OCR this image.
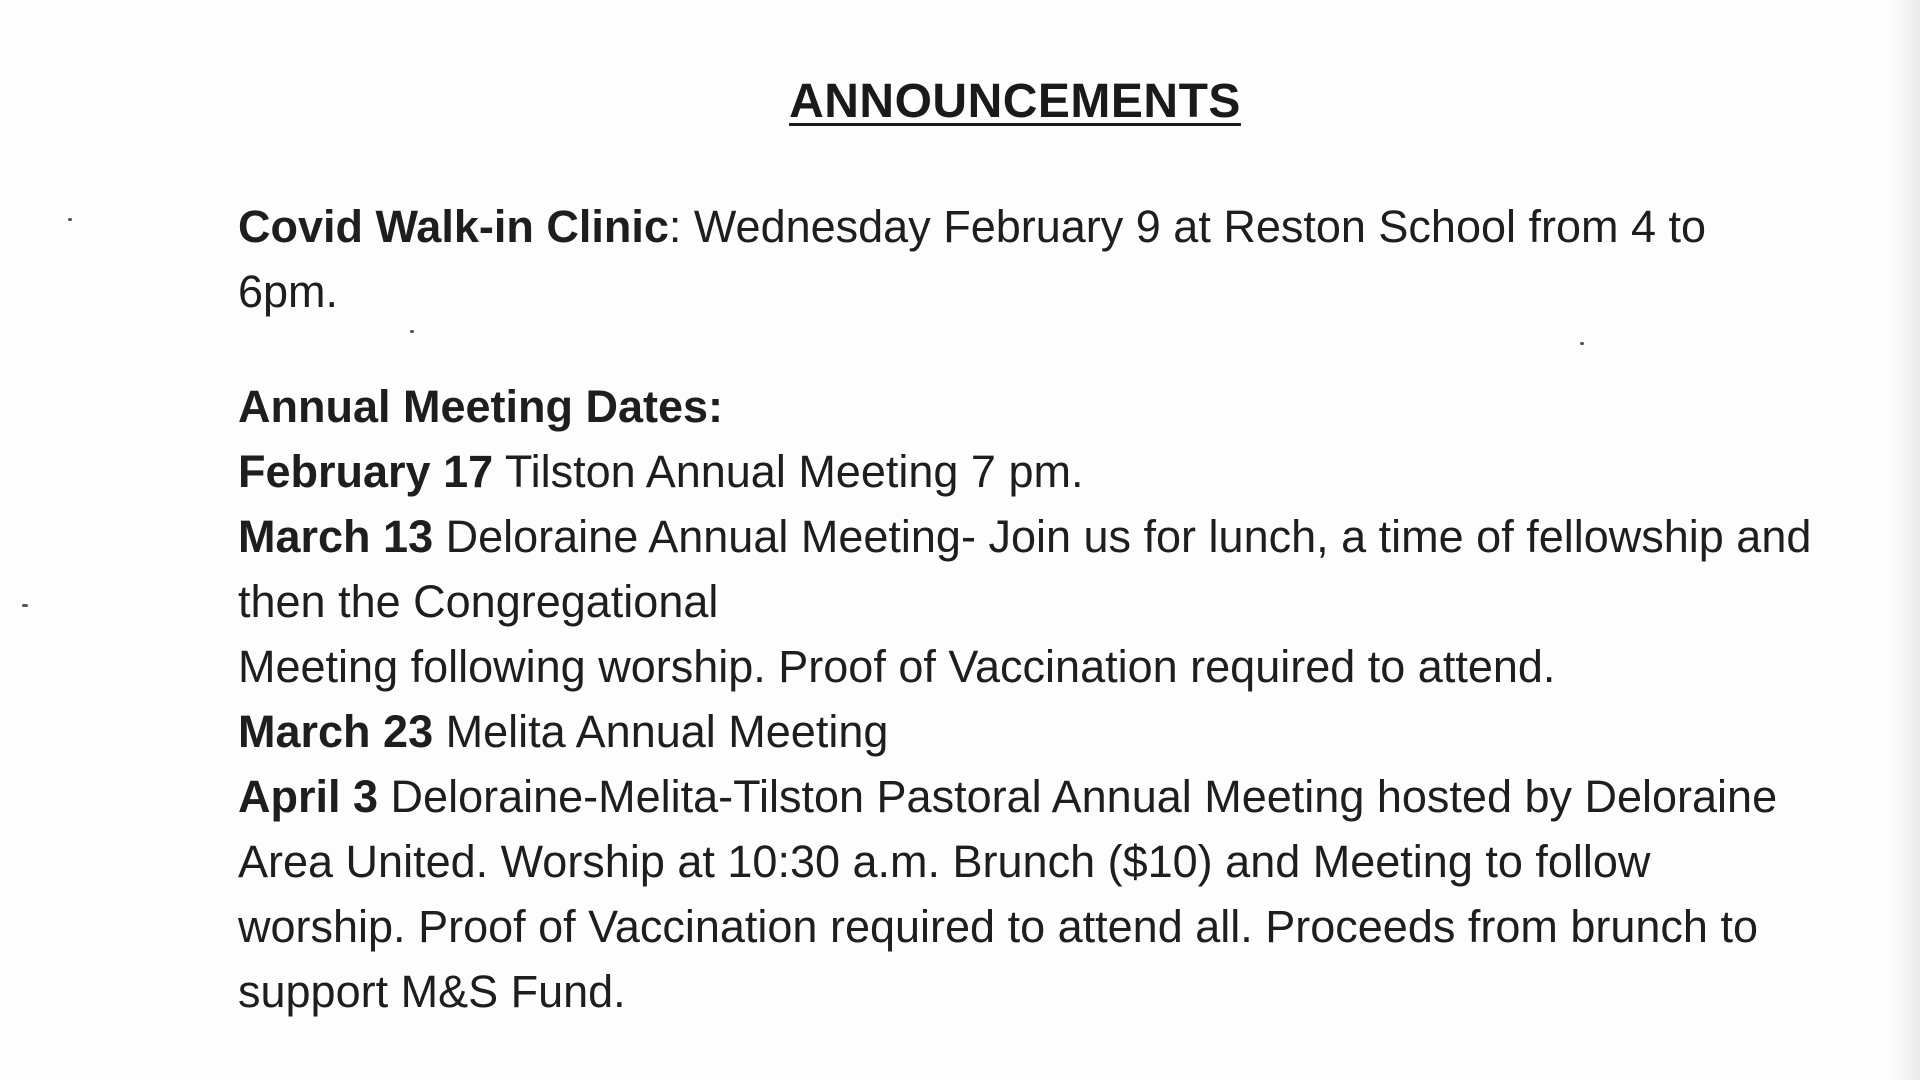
ANNOUNCEMENTS

Covid Walk-in Clinic: Wednesday February 9 at Reston School from 4 to 6pm.

Annual Meeting Dates:

February 17 Tilston Annual Meeting 7 pm.

March 13 Deloraine Annual Meeting- Join us for lunch, a time of fellowship and then the Congregational

Meeting following worship. Proof of Vaccination required to attend.

March 23 Melita Annual Meeting

April 3 Deloraine-Melita-Tilston Pastoral Annual Meeting hosted by Deloraine Area United. Worship at 10:30 a.m. Brunch ($10) and Meeting to follow worship. Proof of Vaccination required to attend all. Proceeds from brunch to support M&S Fund.
